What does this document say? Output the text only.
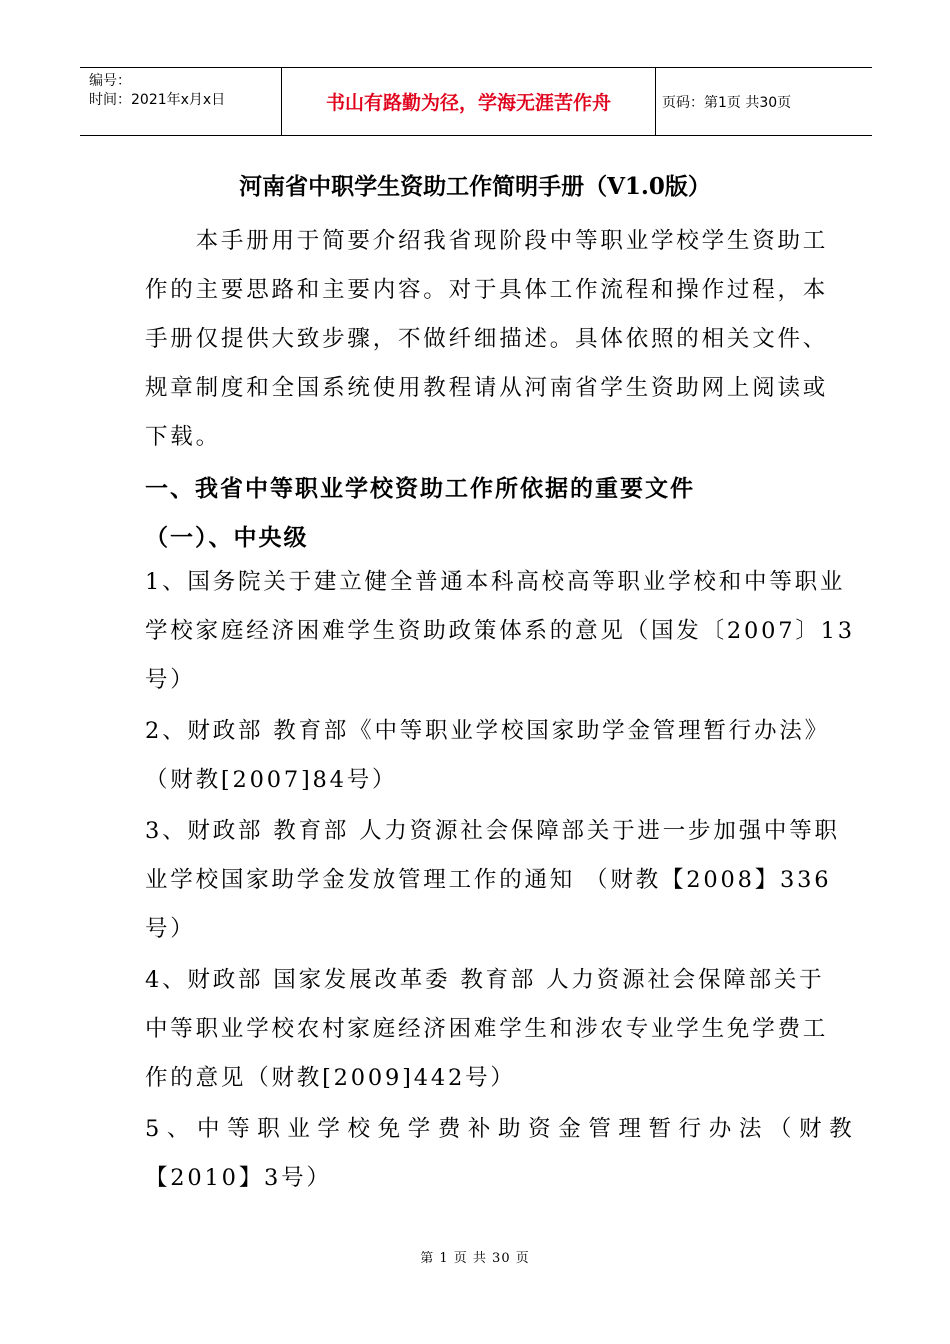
编号：
时间：2021年x月x日	书山有路勤为径，学海无涯苦作舟	页码：第1页 共30页
河南省中职学生资助工作简明手册（V1.0版）
　　本手册用于简要介绍我省现阶段中等职业学校学生资助工
作的主要思路和主要内容。对于具体工作流程和操作过程，本
手册仅提供大致步骤，不做纤细描述。具体依照的相关文件、
规章制度和全国系统使用教程请从河南省学生资助网上阅读或
下载。
一、我省中等职业学校资助工作所依据的重要文件
（一）、中央级
1、国务院关于建立健全普通本科高校高等职业学校和中等职业
学校家庭经济困难学生资助政策体系的意见（国发〔2007〕13
号）
2、财政部 教育部《中等职业学校国家助学金管理暂行办法》
（财教[2007]84号）
3、财政部 教育部 人力资源社会保障部关于进一步加强中等职
业学校国家助学金发放管理工作的通知 （财教【2008】336
号）
4、财政部 国家发展改革委 教育部 人力资源社会保障部关于
中等职业学校农村家庭经济困难学生和涉农专业学生免学费工
作的意见（财教[2009]442号）
5、中等职业学校免学费补助资金管理暂行办法（财教
【2010】3号）
第 1 页 共 30 页
